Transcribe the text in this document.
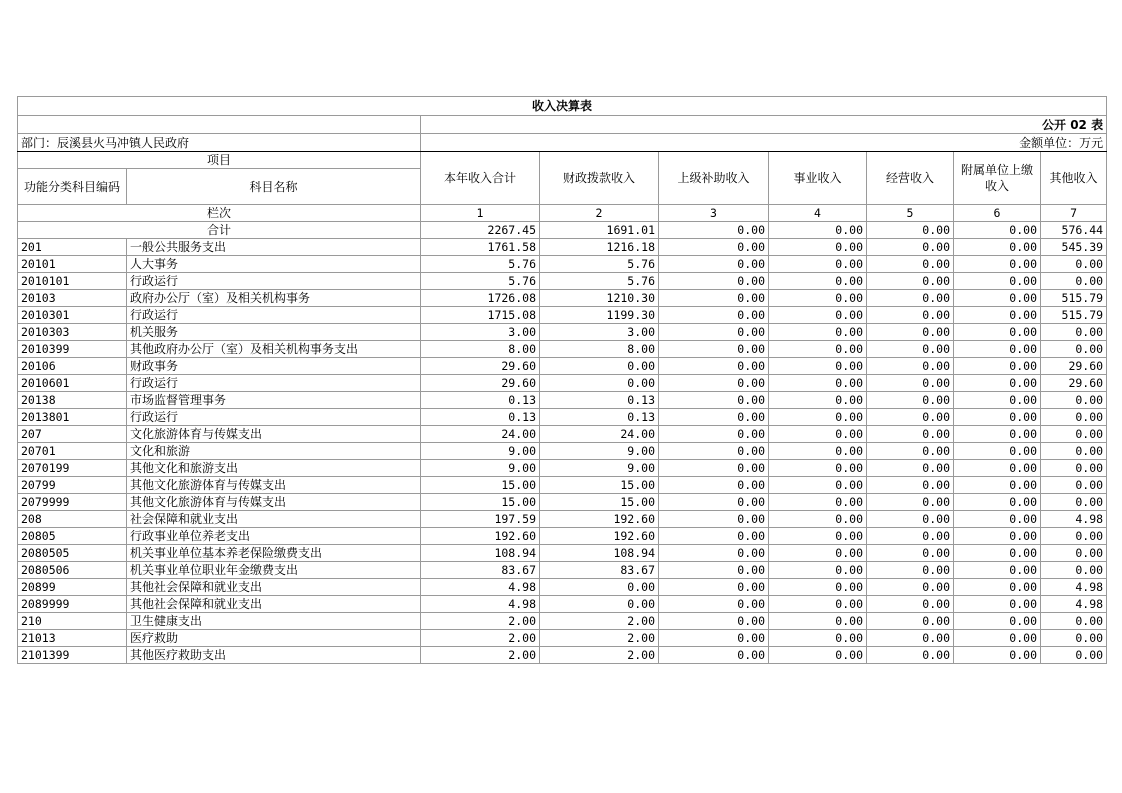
收入决算表								
		公开 02 表						
部门：辰溪县火马冲镇人民政府		金额单位：万元						
项目		本年收入合计	财政拨款收入	上级补助收入	事业收入	经营收入	附属单位上缴收入	其他收入
功能分类科目编码	科目名称							
栏次		1	2	3	4	5	6	7
合计		2267.45	1691.01	0.00	0.00	0.00	0.00	576.44
201	一般公共服务支出	1761.58	1216.18	0.00	0.00	0.00	0.00	545.39
20101	人大事务	5.76	5.76	0.00	0.00	0.00	0.00	0.00
2010101	行政运行	5.76	5.76	0.00	0.00	0.00	0.00	0.00
20103	政府办公厅（室）及相关机构事务	1726.08	1210.30	0.00	0.00	0.00	0.00	515.79
2010301	行政运行	1715.08	1199.30	0.00	0.00	0.00	0.00	515.79
2010303	机关服务	3.00	3.00	0.00	0.00	0.00	0.00	0.00
2010399	其他政府办公厅（室）及相关机构事务支出	8.00	8.00	0.00	0.00	0.00	0.00	0.00
20106	财政事务	29.60	0.00	0.00	0.00	0.00	0.00	29.60
2010601	行政运行	29.60	0.00	0.00	0.00	0.00	0.00	29.60
20138	市场监督管理事务	0.13	0.13	0.00	0.00	0.00	0.00	0.00
2013801	行政运行	0.13	0.13	0.00	0.00	0.00	0.00	0.00
207	文化旅游体育与传媒支出	24.00	24.00	0.00	0.00	0.00	0.00	0.00
20701	文化和旅游	9.00	9.00	0.00	0.00	0.00	0.00	0.00
2070199	其他文化和旅游支出	9.00	9.00	0.00	0.00	0.00	0.00	0.00
20799	其他文化旅游体育与传媒支出	15.00	15.00	0.00	0.00	0.00	0.00	0.00
2079999	其他文化旅游体育与传媒支出	15.00	15.00	0.00	0.00	0.00	0.00	0.00
208	社会保障和就业支出	197.59	192.60	0.00	0.00	0.00	0.00	4.98
20805	行政事业单位养老支出	192.60	192.60	0.00	0.00	0.00	0.00	0.00
2080505	机关事业单位基本养老保险缴费支出	108.94	108.94	0.00	0.00	0.00	0.00	0.00
2080506	机关事业单位职业年金缴费支出	83.67	83.67	0.00	0.00	0.00	0.00	0.00
20899	其他社会保障和就业支出	4.98	0.00	0.00	0.00	0.00	0.00	4.98
2089999	其他社会保障和就业支出	4.98	0.00	0.00	0.00	0.00	0.00	4.98
210	卫生健康支出	2.00	2.00	0.00	0.00	0.00	0.00	0.00
21013	医疗救助	2.00	2.00	0.00	0.00	0.00	0.00	0.00
2101399	其他医疗救助支出	2.00	2.00	0.00	0.00	0.00	0.00	0.00
